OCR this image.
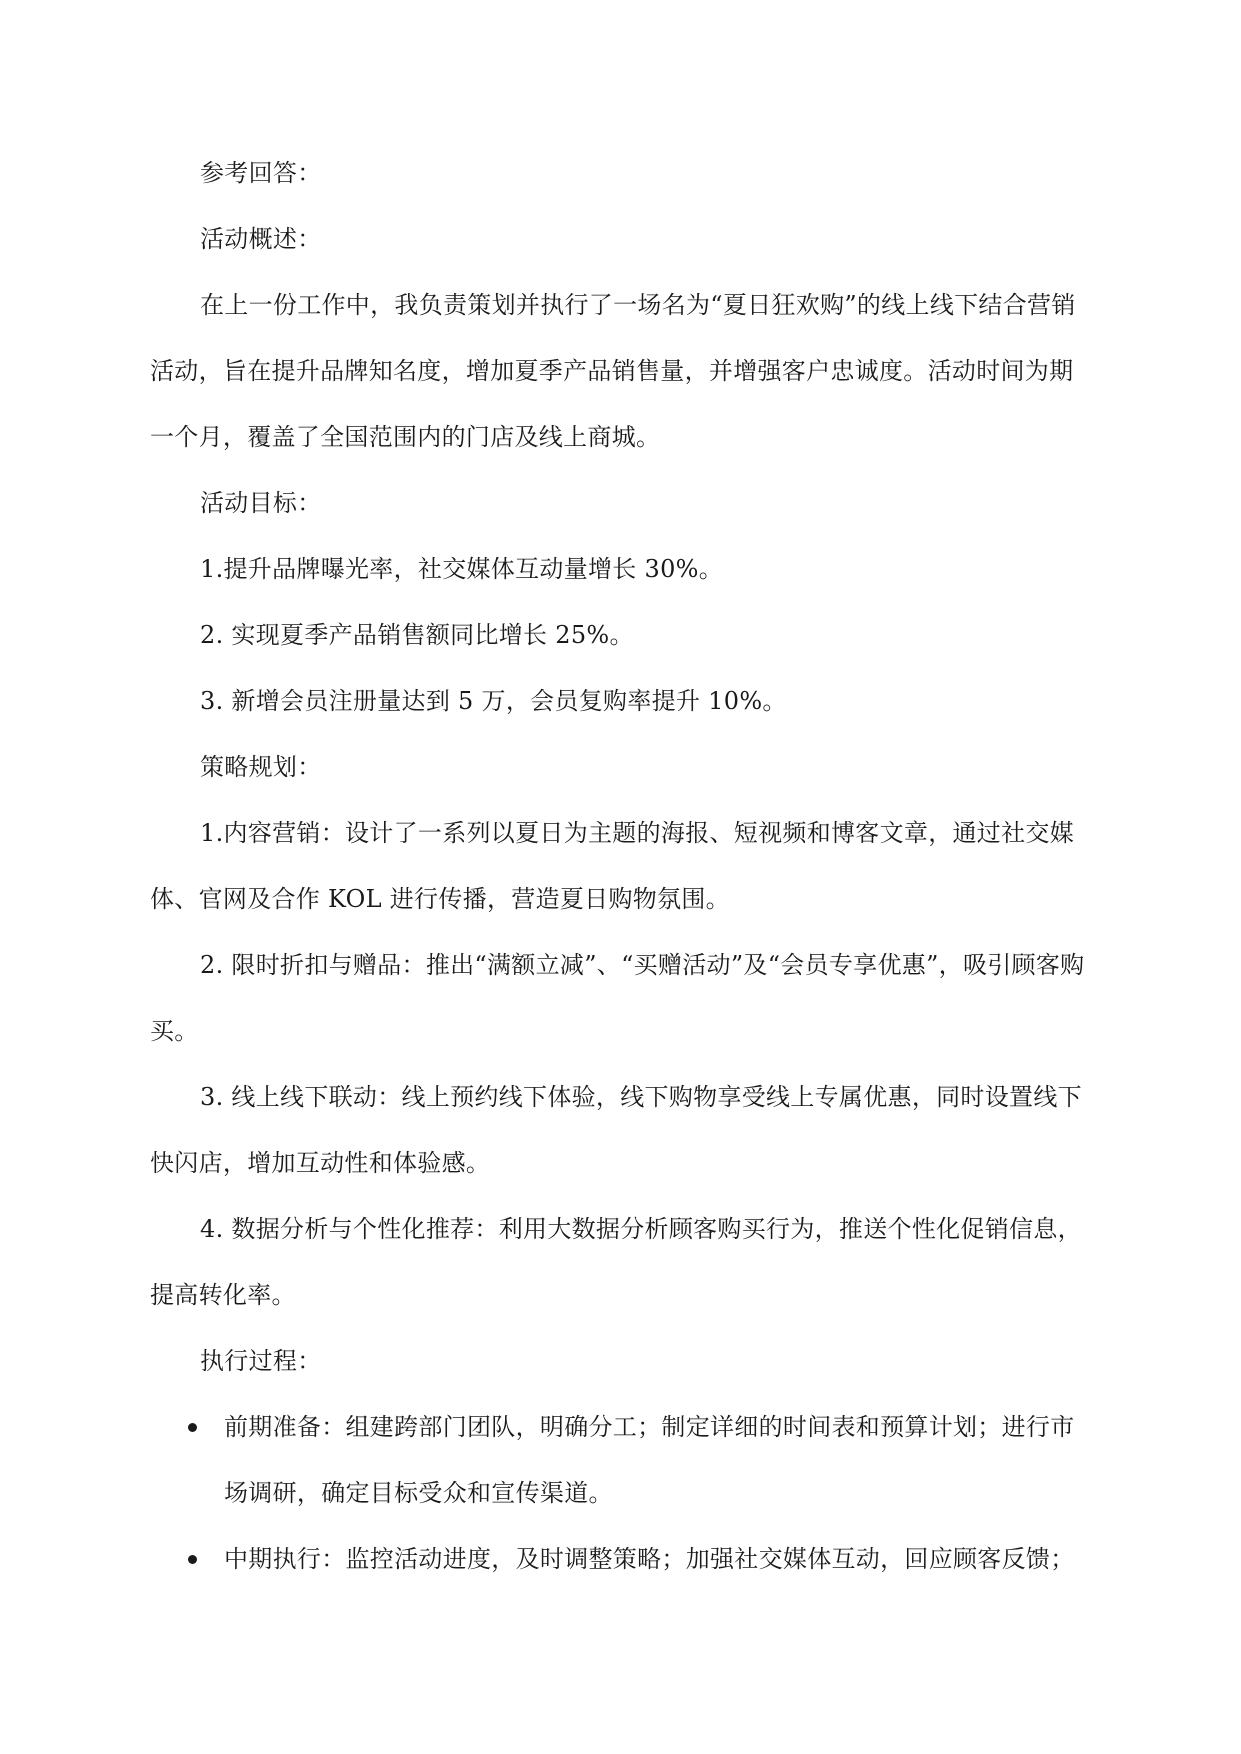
参考回答：

活动概述：

在上一份工作中，我负责策划并执行了一场名为“夏日狂欢购”的线上线下结合营销活动，旨在提升品牌知名度，增加夏季产品销售量，并增强客户忠诚度。活动时间为期一个月，覆盖了全国范围内的门店及线上商城。

活动目标：

1.提升品牌曝光率，社交媒体互动量增长 30%。

2. 实现夏季产品销售额同比增长 25%。

3. 新增会员注册量达到 5 万，会员复购率提升 10%。

策略规划：

1.内容营销：设计了一系列以夏日为主题的海报、短视频和博客文章，通过社交媒体、官网及合作 KOL 进行传播，营造夏日购物氛围。

2. 限时折扣与赠品：推出“满额立减”、“买赠活动”及“会员专享优惠”，吸引顾客购买。

3. 线上线下联动：线上预约线下体验，线下购物享受线上专属优惠，同时设置线下快闪店，增加互动性和体验感。

4. 数据分析与个性化推荐：利用大数据分析顾客购买行为，推送个性化促销信息，提高转化率。

执行过程：

前期准备：组建跨部门团队，明确分工；制定详细的时间表和预算计划；进行市场调研，确定目标受众和宣传渠道。
中期执行：监控活动进度，及时调整策略；加强社交媒体互动，回应顾客反馈；
